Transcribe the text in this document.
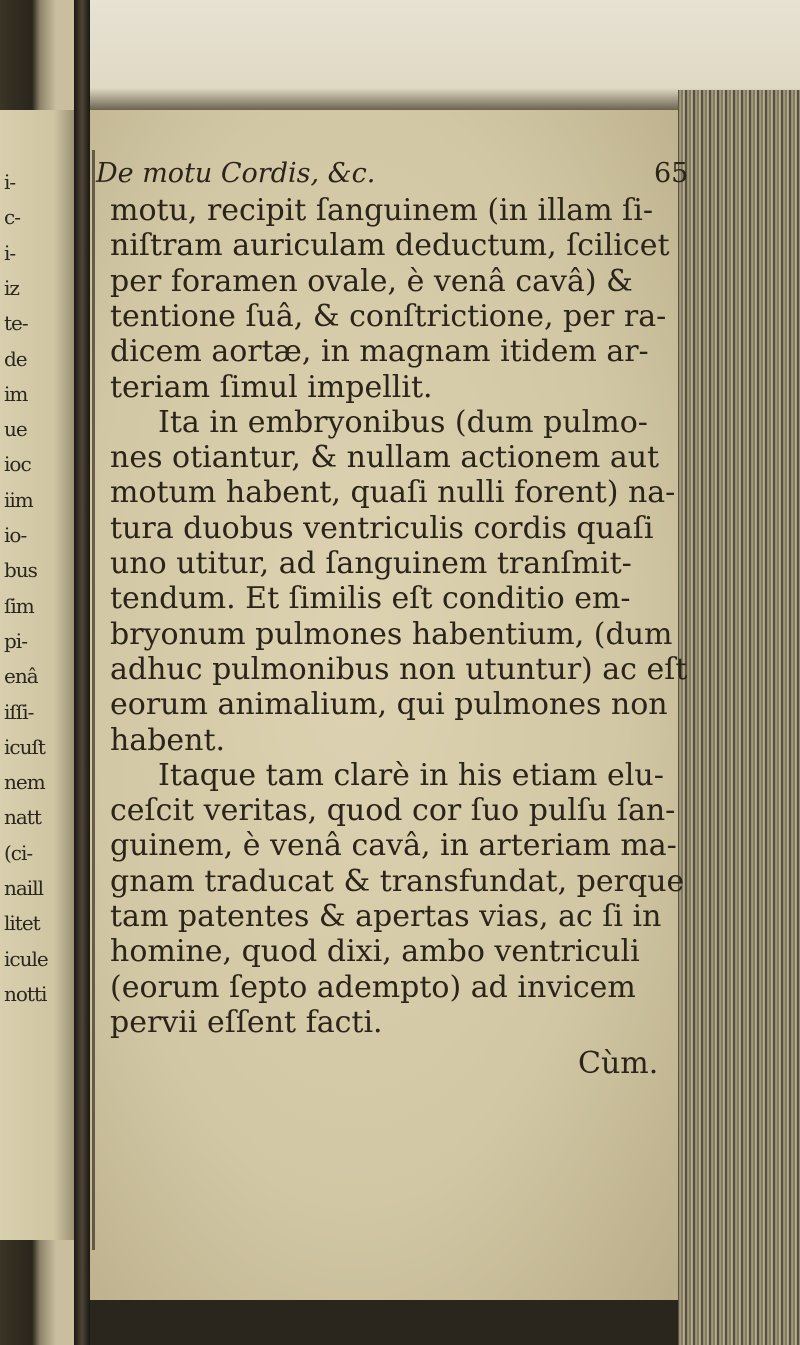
i-
c-
i-
iz
te-
de
im
ue
ioc
iim
io-
bus
ſim
pi-
enâ
iſſi-
icuſt
nem
natt
(ci-
naill
litet
icule
notti
De motu Cordis, &c.	65
motu, recipit ſanguinem (in illam ſi-
niſtram auriculam deductum, ſcilicet
per foramen ovale, è venâ cavâ) &
tentione ſuâ, & conſtrictione, per ra-
dicem aortæ, in magnam itidem ar-
teriam ſimul impellit.
Ita in embryonibus (dum pulmo-
nes otiantur, & nullam actionem aut
motum habent, quaſi nulli forent) na-
tura duobus ventriculis cordis quaſi
uno utitur, ad ſanguinem tranſmit-
tendum. Et ſimilis eſt conditio em-
bryonum pulmones habentium, (dum
adhuc pulmonibus non utuntur) ac eſt
eorum animalium, qui pulmones non
habent.
Itaque tam clarè in his etiam elu-
ceſcit veritas, quod cor ſuo pulſu ſan-
guinem, è venâ cavâ, in arteriam ma-
gnam traducat & transfundat, perque
tam patentes & apertas vias, ac ſi in
homine, quod dixi, ambo ventriculi
(eorum ſepto adempto) ad invicem
pervii eſſent facti.
Cùm.
